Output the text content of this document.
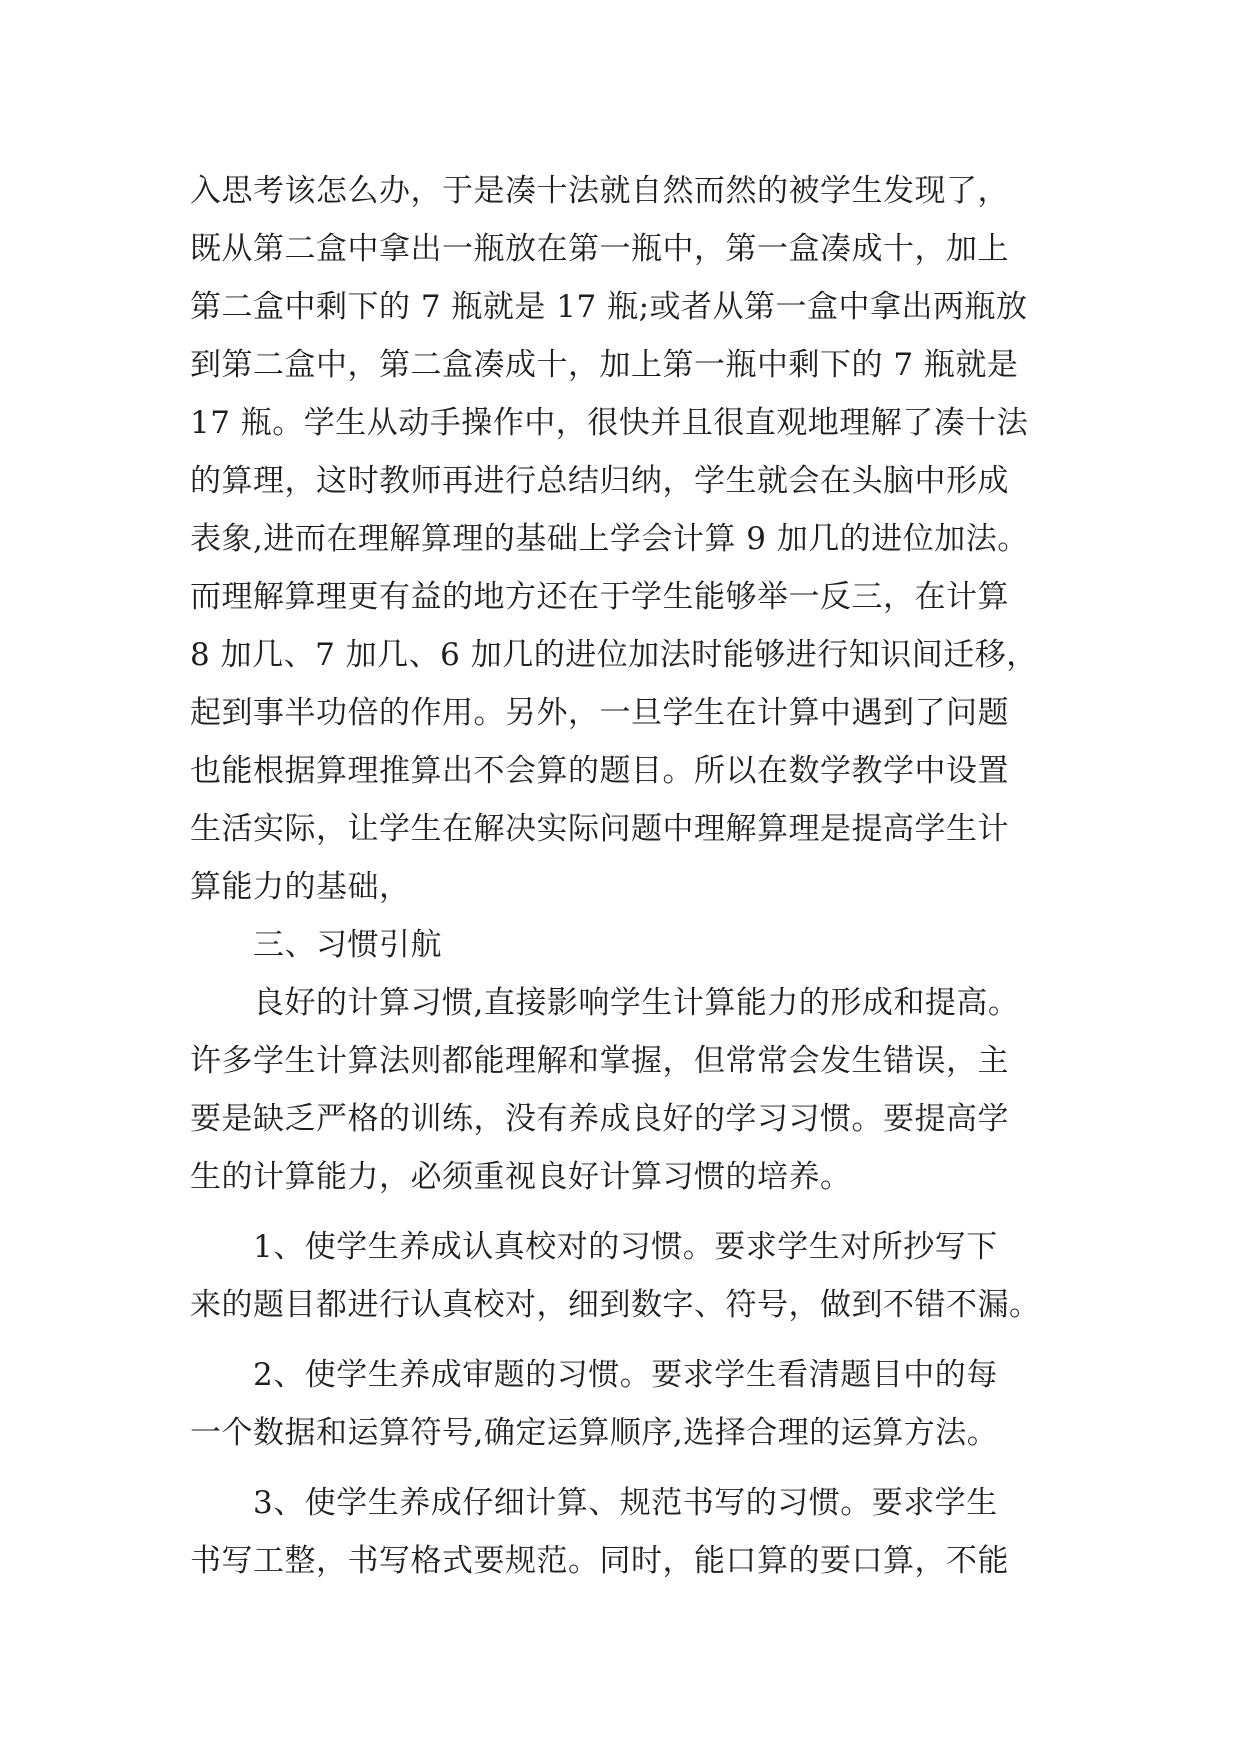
入思考该怎么办，于是凑十法就自然而然的被学生发现了，
既从第二盒中拿出一瓶放在第一瓶中，第一盒凑成十，加上
第二盒中剩下的 7 瓶就是 17 瓶;或者从第一盒中拿出两瓶放
到第二盒中，第二盒凑成十，加上第一瓶中剩下的 7 瓶就是
17 瓶。学生从动手操作中，很快并且很直观地理解了凑十法
的算理，这时教师再进行总结归纳，学生就会在头脑中形成
表象,进而在理解算理的基础上学会计算 9 加几的进位加法。
而理解算理更有益的地方还在于学生能够举一反三，在计算
8 加几、7 加几、6 加几的进位加法时能够进行知识间迁移，
起到事半功倍的作用。另外，一旦学生在计算中遇到了问题
也能根据算理推算出不会算的题目。所以在数学教学中设置
生活实际，让学生在解决实际问题中理解算理是提高学生计
算能力的基础，
　　三、习惯引航
　　良好的计算习惯,直接影响学生计算能力的形成和提高。
许多学生计算法则都能理解和掌握，但常常会发生错误，主
要是缺乏严格的训练，没有养成良好的学习习惯。要提高学
生的计算能力，必须重视良好计算习惯的培养。
　　1、使学生养成认真校对的习惯。要求学生对所抄写下
来的题目都进行认真校对，细到数字、符号，做到不错不漏。
　　2、使学生养成审题的习惯。要求学生看清题目中的每
一个数据和运算符号,确定运算顺序,选择合理的运算方法。
　　3、使学生养成仔细计算、规范书写的习惯。要求学生
书写工整，书写格式要规范。同时，能口算的要口算，不能
